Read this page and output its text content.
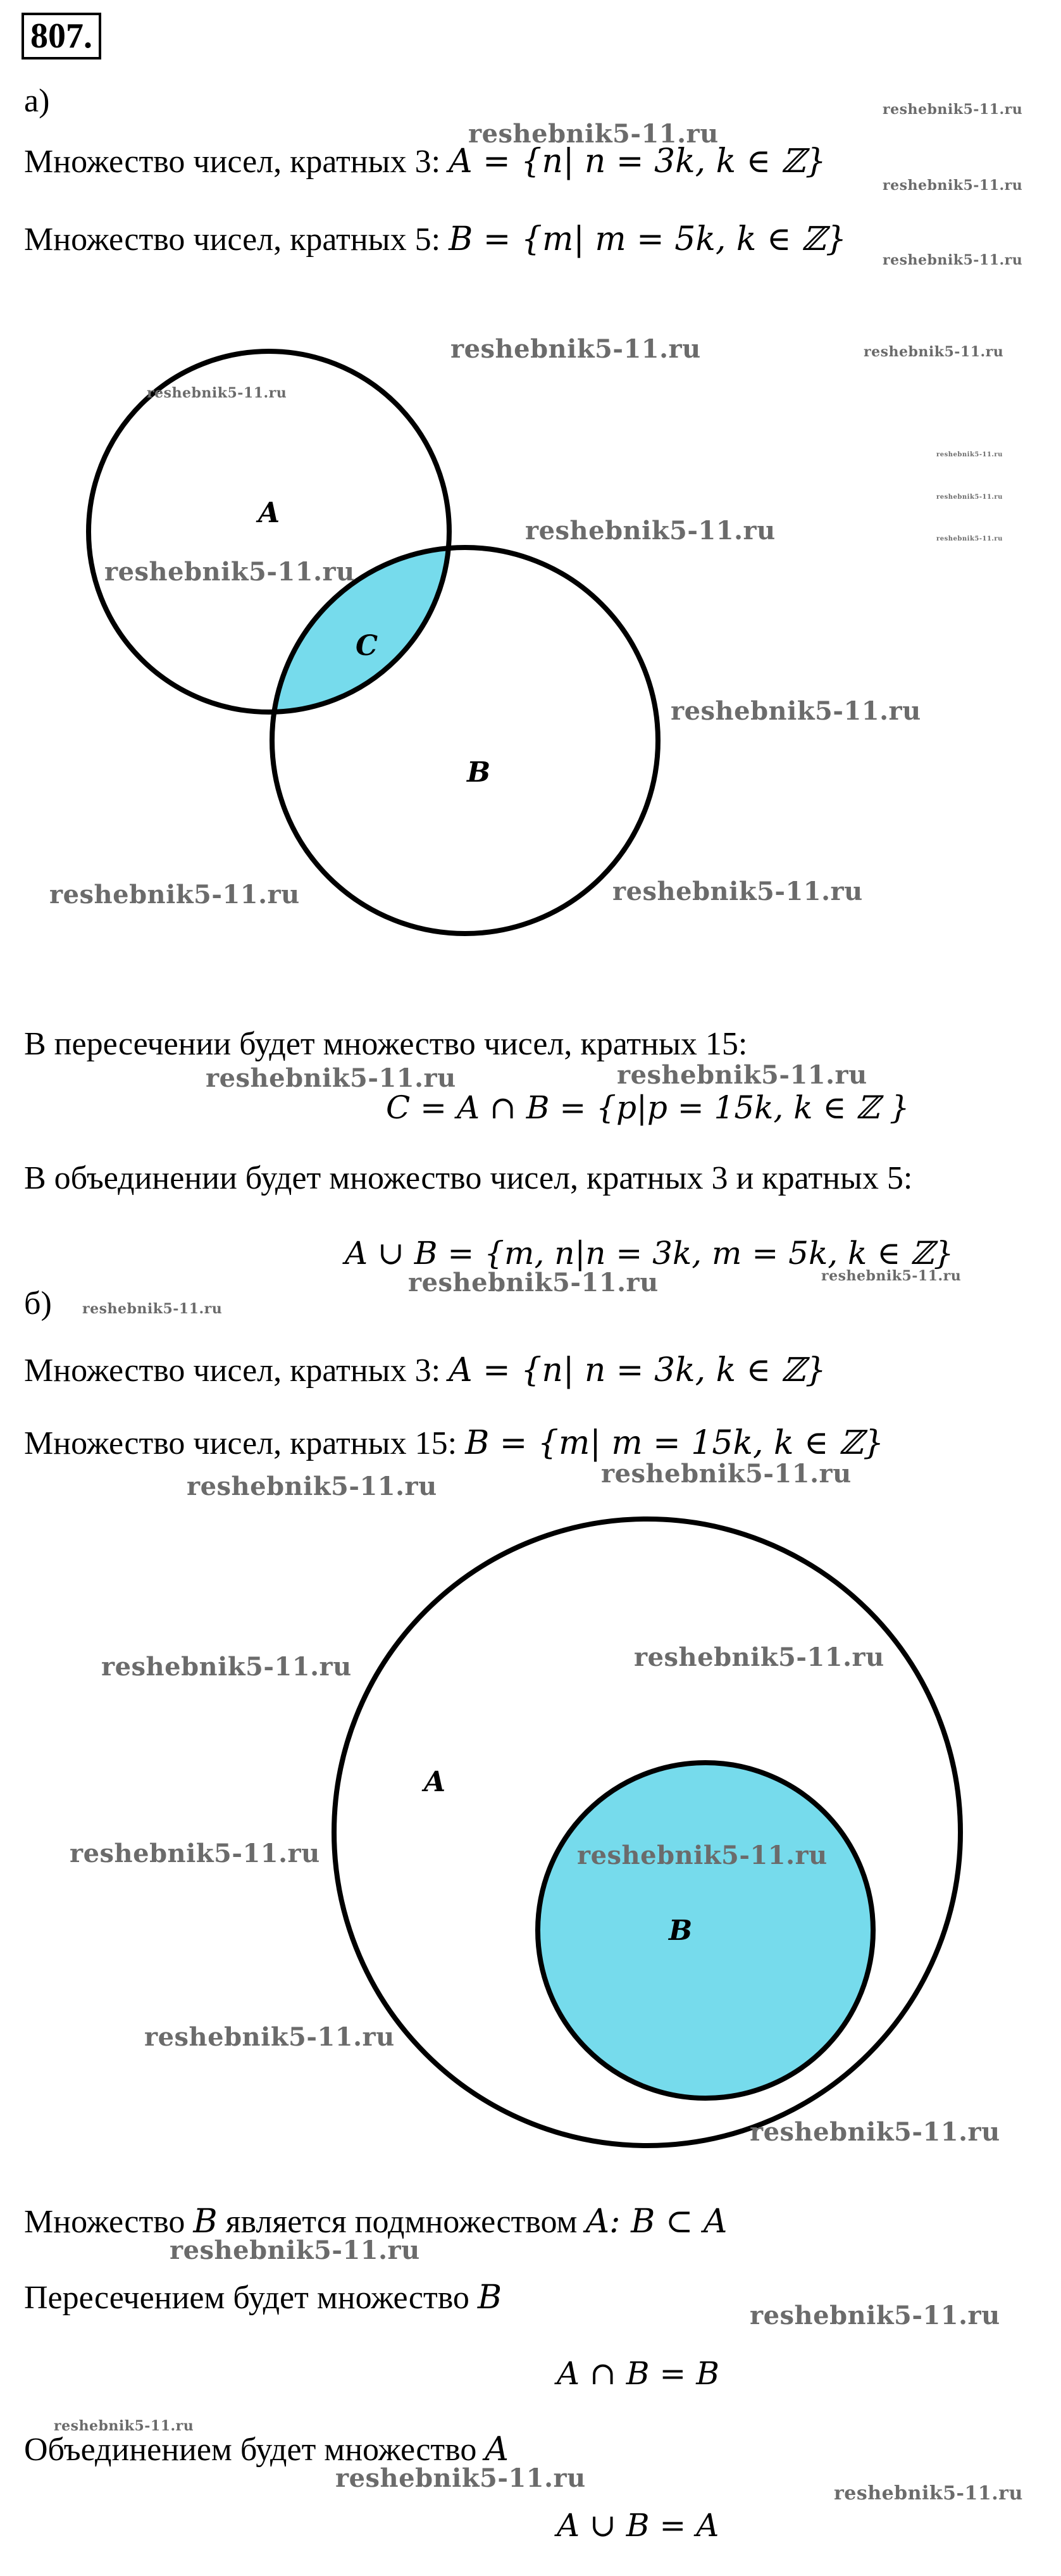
807.
а)
Множество чисел, кратных 3: A = {n| n = 3k, k ∈ ℤ}
Множество чисел, кратных 5: B = {m| m = 5k, k ∈ ℤ}
A
C
B
В пересечении будет множество чисел, кратных 15:
C = A ∩ B = {p|p = 15k, k ∈ ℤ }
В объединении будет множество чисел, кратных 3 и кратных 5:
A ∪ B = {m, n|n = 3k, m = 5k, k ∈ ℤ}
б)
Множество чисел, кратных 3: A = {n| n = 3k, k ∈ ℤ}
Множество чисел, кратных 15: B = {m| m = 15k, k ∈ ℤ}
A
B
Множество B является подмножеством A: B ⊂ A
Пересечением будет множество B
A ∩ B = B
Объединением будет множество A
A ∪ B = A
reshebnik5-11.ru
reshebnik5-11.ru
reshebnik5-11.ru
reshebnik5-11.ru
reshebnik5-11.ru	reshebnik5-11.ru
reshebnik5-11.ru
reshebnik5-11.ru
reshebnik5-11.ru
reshebnik5-11.ru
reshebnik5-11.ru
reshebnik5-11.ru
reshebnik5-11.ru
reshebnik5-11.ru	reshebnik5-11.ru
reshebnik5-11.ru	reshebnik5-11.ru
reshebnik5-11.ru	reshebnik5-11.ru
reshebnik5-11.ru
reshebnik5-11.ru	reshebnik5-11.ru
reshebnik5-11.ru	reshebnik5-11.ru
reshebnik5-11.ru	reshebnik5-11.ru
reshebnik5-11.ru
reshebnik5-11.ru
reshebnik5-11.ru
reshebnik5-11.ru
reshebnik5-11.ru
reshebnik5-11.ru
reshebnik5-11.ru
